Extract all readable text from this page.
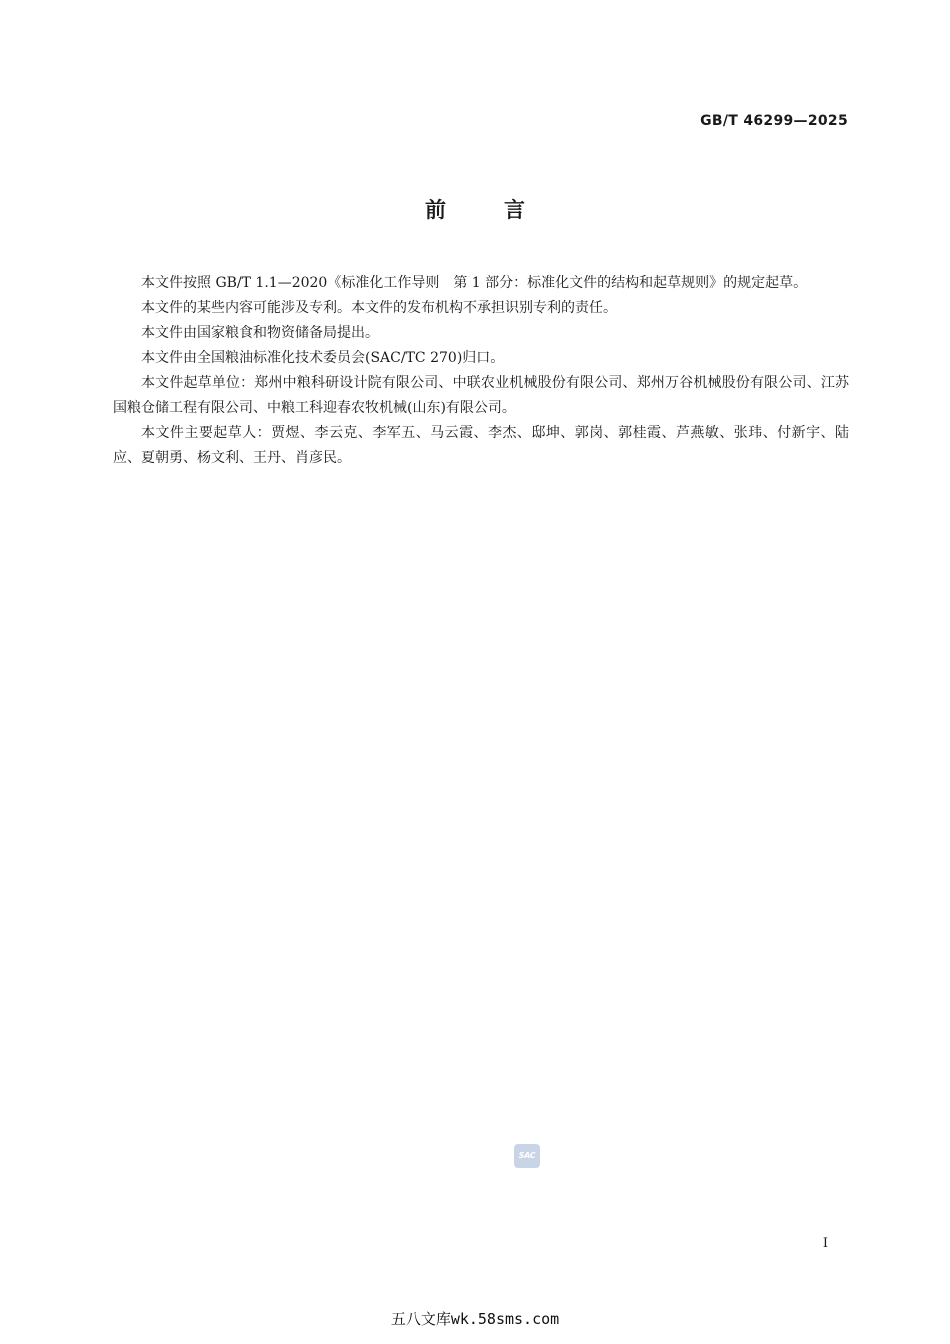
GB/T 46299—2025
前言

本文件按照 GB/T 1.1—2020《标准化工作导则　第 1 部分：标准化文件的结构和起草规则》的规定起草。

本文件的某些内容可能涉及专利。本文件的发布机构不承担识别专利的责任。

本文件由国家粮食和物资储备局提出。

本文件由全国粮油标准化技术委员会(SAC/TC 270)归口。

本文件起草单位：郑州中粮科研设计院有限公司、中联农业机械股份有限公司、郑州万谷机械股份有限公司、江苏国粮仓储工程有限公司、中粮工科迎春农牧机械(山东)有限公司。

本文件主要起草人：贾煜、李云克、李军五、马云霞、李杰、邸坤、郭岗、郭桂霞、芦燕敏、张玮、付新宇、陆应、夏朝勇、杨文利、王丹、肖彦民。

SAC
I
五八文库wk.58sms.com
